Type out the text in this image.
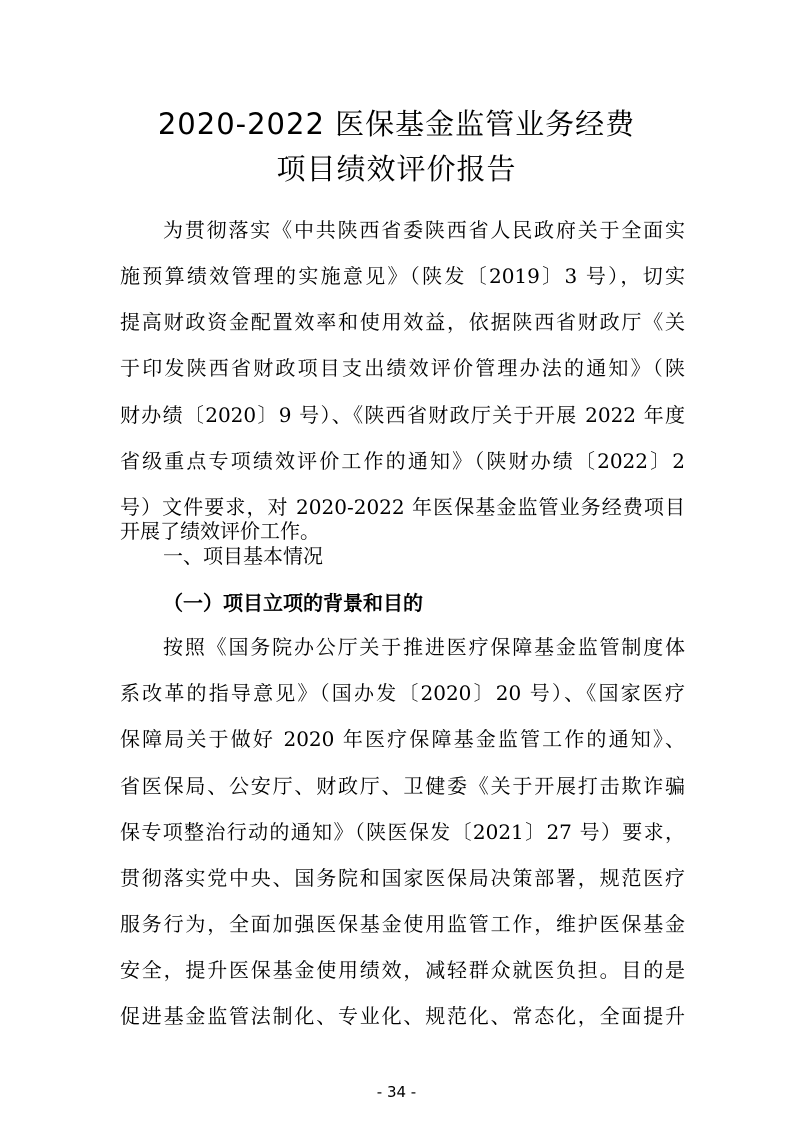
2020-2022 医保基金监管业务经费
项目绩效评价报告
为贯彻落实《中共陕西省委陕西省人民政府关于全面实
施预算绩效管理的实施意见》（陕发〔2019〕3 号），切实
提高财政资金配置效率和使用效益，依据陕西省财政厅《关
于印发陕西省财政项目支出绩效评价管理办法的通知》（陕
财办绩〔2020〕9 号）、《陕西省财政厅关于开展 2022 年度
省级重点专项绩效评价工作的通知》（陕财办绩〔2022〕2
号）文件要求，对 2020-2022 年医保基金监管业务经费项目
一、项目基本情况
（一）项目立项的背景和目的
按照《国务院办公厅关于推进医疗保障基金监管制度体
系改革的指导意见》（国办发〔2020〕20 号）、《国家医疗
保障局关于做好 2020 年医疗保障基金监管工作的通知》、
省医保局、公安厅、财政厅、卫健委《关于开展打击欺诈骗
保专项整治行动的通知》（陕医保发〔2021〕27 号）要求，
贯彻落实党中央、国务院和国家医保局决策部署，规范医疗
服务行为，全面加强医保基金使用监管工作，维护医保基金
安全，提升医保基金使用绩效，减轻群众就医负担。目的是
促进基金监管法制化、专业化、规范化、常态化，全面提升
- 34 -
开展了绩效评价工作。
